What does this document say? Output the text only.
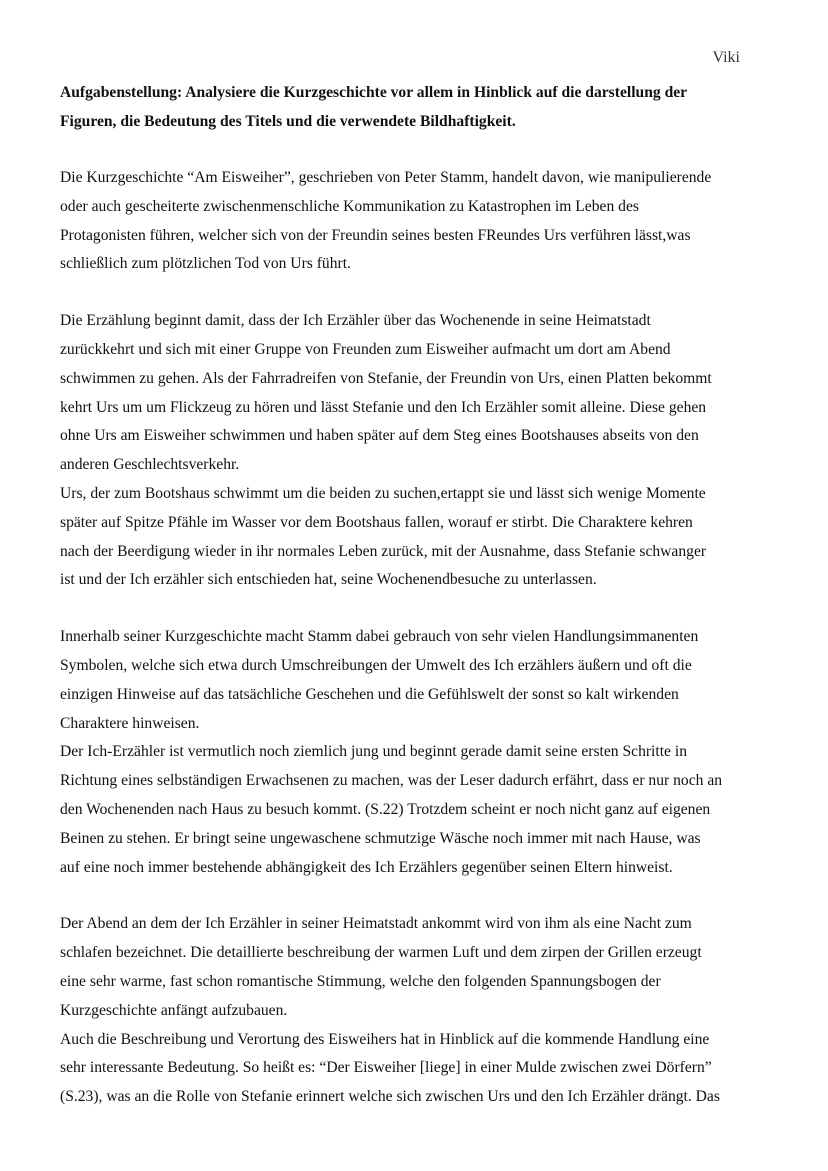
Viki
Aufgabenstellung: Analysiere die Kurzgeschichte vor allem in Hinblick auf die darstellung der
Figuren, die Bedeutung des Titels und die verwendete Bildhaftigkeit.
Die Kurzgeschichte “Am Eisweiher”, geschrieben von Peter Stamm, handelt davon, wie manipulierende
oder auch gescheiterte zwischenmenschliche Kommunikation zu Katastrophen im Leben des
Protagonisten führen, welcher sich von der Freundin seines besten FReundes Urs verführen lässt,was
schließlich zum plötzlichen Tod von Urs führt.
Die Erzählung beginnt damit, dass der Ich Erzähler über das Wochenende in seine Heimatstadt
zurückkehrt und sich mit einer Gruppe von Freunden zum Eisweiher aufmacht um dort am Abend
schwimmen zu gehen. Als der Fahrradreifen von Stefanie, der Freundin von Urs, einen Platten bekommt
kehrt Urs um um Flickzeug zu hören und lässt Stefanie und den Ich Erzähler somit alleine. Diese gehen
ohne Urs am Eisweiher schwimmen und haben später auf dem Steg eines Bootshauses abseits von den
anderen Geschlechtsverkehr.
Urs, der zum Bootshaus schwimmt um die beiden zu suchen,ertappt sie und lässt sich wenige Momente
später auf Spitze Pfähle im Wasser vor dem Bootshaus fallen, worauf er stirbt. Die Charaktere kehren
nach der Beerdigung wieder in ihr normales Leben zurück, mit der Ausnahme, dass Stefanie schwanger
ist und der Ich erzähler sich entschieden hat, seine Wochenendbesuche zu unterlassen.
Innerhalb seiner Kurzgeschichte macht Stamm dabei gebrauch von sehr vielen Handlungsimmanenten
Symbolen, welche sich etwa durch Umschreibungen der Umwelt des Ich erzählers äußern und oft die
einzigen Hinweise auf das tatsächliche Geschehen und die Gefühlswelt der sonst so kalt wirkenden
Charaktere hinweisen.
Der Ich-Erzähler ist vermutlich noch ziemlich jung und beginnt gerade damit seine ersten Schritte in
Richtung eines selbständigen Erwachsenen zu machen, was der Leser dadurch erfährt, dass er nur noch an
den Wochenenden nach Haus zu besuch kommt. (S.22) Trotzdem scheint er noch nicht ganz auf eigenen
Beinen zu stehen. Er bringt seine ungewaschene schmutzige Wäsche noch immer mit nach Hause, was
auf eine noch immer bestehende abhängigkeit des Ich Erzählers gegenüber seinen Eltern hinweist.
Der Abend an dem der Ich Erzähler in seiner Heimatstadt ankommt wird von ihm als eine Nacht zum
schlafen bezeichnet. Die detaillierte beschreibung der warmen Luft und dem zirpen der Grillen erzeugt
eine sehr warme, fast schon romantische Stimmung, welche den folgenden Spannungsbogen der
Kurzgeschichte anfängt aufzubauen.
Auch die Beschreibung und Verortung des Eisweihers hat in Hinblick auf die kommende Handlung eine
sehr interessante Bedeutung. So heißt es: “Der Eisweiher [liege] in einer Mulde zwischen zwei Dörfern”
(S.23), was an die Rolle von Stefanie erinnert welche sich zwischen Urs und den Ich Erzähler drängt. Das
